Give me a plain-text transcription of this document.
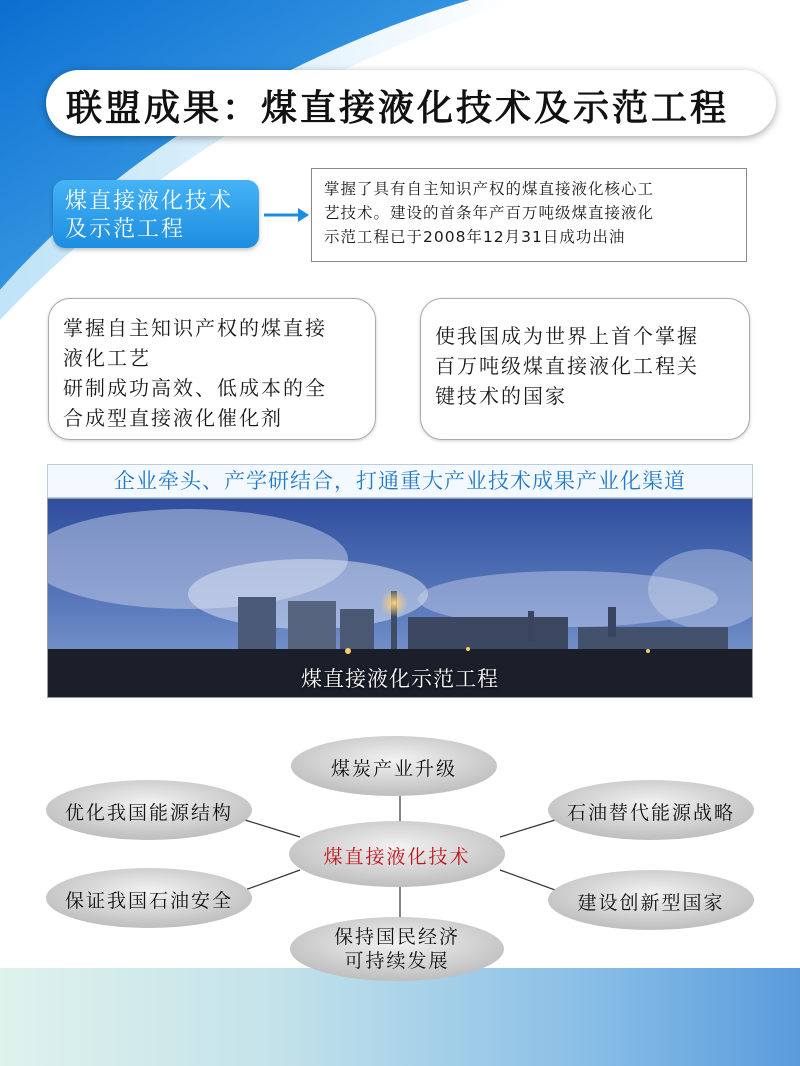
联盟成果：煤直接液化技术及示范工程
煤直接液化技术
及示范工程
掌握了具有自主知识产权的煤直接液化核心工
艺技术。建设的首条年产百万吨级煤直接液化
示范工程已于2008年12月31日成功出油
掌握自主知识产权的煤直接
液化工艺
研制成功高效、低成本的全
合成型直接液化催化剂
使我国成为世界上首个掌握
百万吨级煤直接液化工程关
键技术的国家
企业牵头、产学研结合，打通重大产业技术成果产业化渠道
煤直接液化示范工程
煤炭产业升级
优化我国能源结构	石油替代能源战略
煤直接液化技术
保证我国石油安全	建设创新型国家
保持国民经济
可持续发展
